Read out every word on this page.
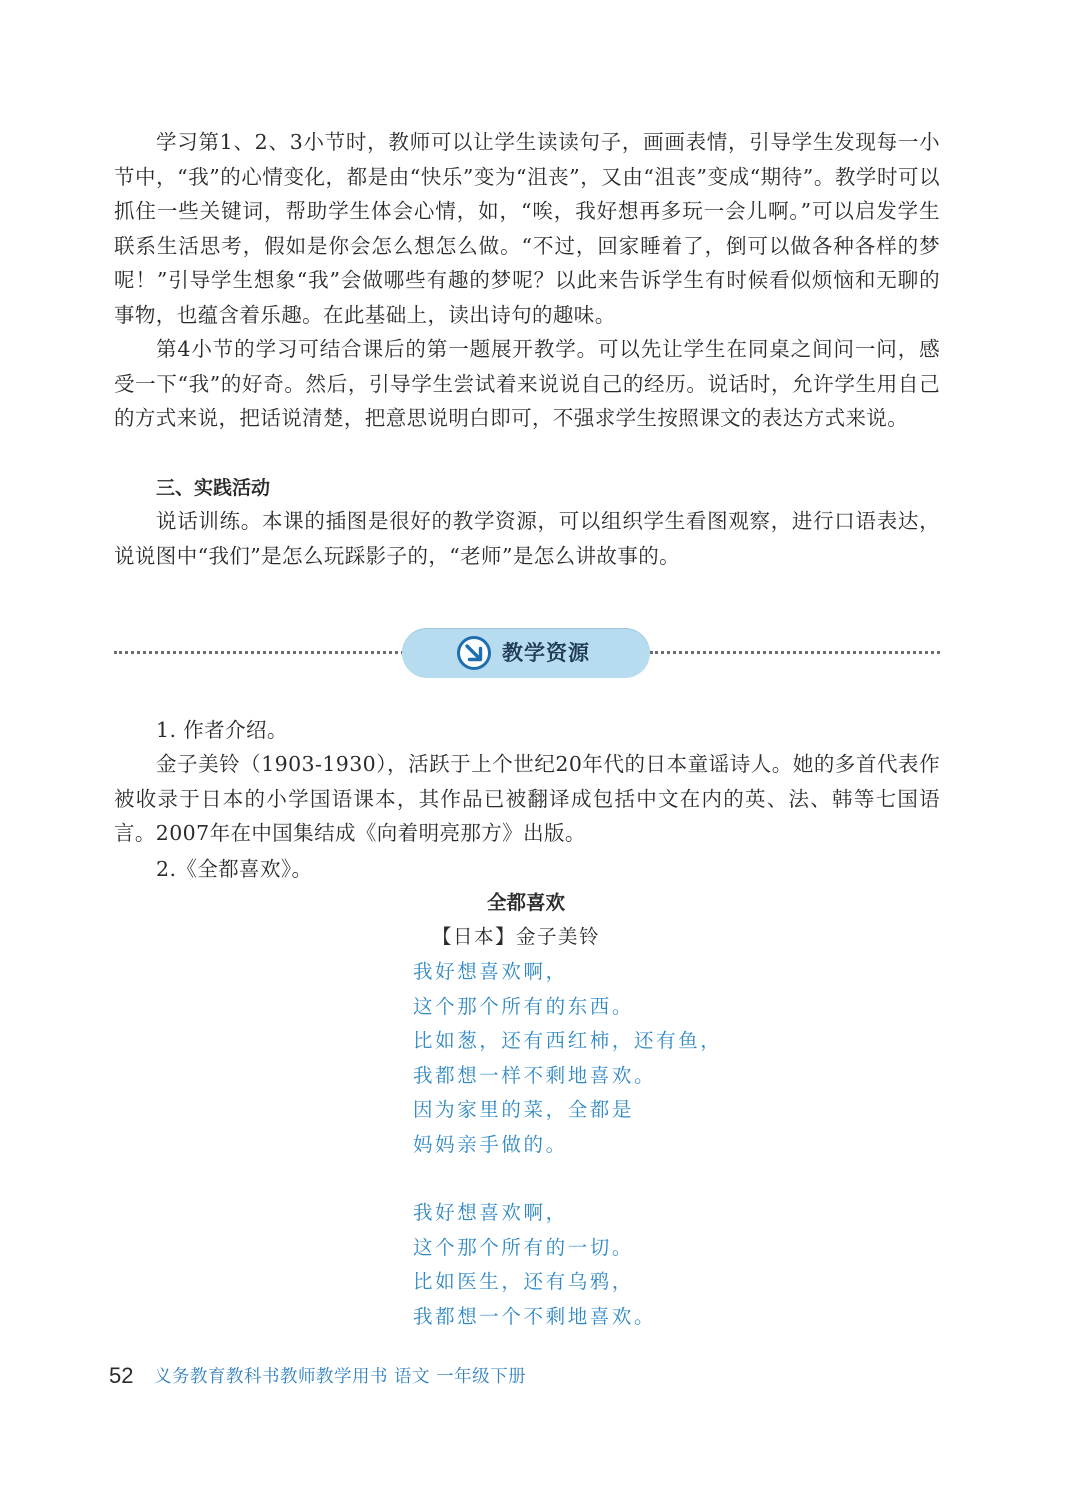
学习第1、2、3小节时，教师可以让学生读读句子，画画表情，引导学生发现每一小节中，“我”的心情变化，都是由“快乐”变为“沮丧”，又由“沮丧”变成“期待”。教学时可以抓住一些关键词，帮助学生体会心情，如，“唉，我好想再多玩一会儿啊。”可以启发学生联系生活思考，假如是你会怎么想怎么做。“不过，回家睡着了，倒可以做各种各样的梦呢！”引导学生想象“我”会做哪些有趣的梦呢？以此来告诉学生有时候看似烦恼和无聊的事物，也蕴含着乐趣。在此基础上，读出诗句的趣味。

第4小节的学习可结合课后的第一题展开教学。可以先让学生在同桌之间问一问，感受一下“我”的好奇。然后，引导学生尝试着来说说自己的经历。说话时，允许学生用自己的方式来说，把话说清楚，把意思说明白即可，不强求学生按照课文的表达方式来说。

三、实践活动

说话训练。本课的插图是很好的教学资源，可以组织学生看图观察，进行口语表达，说说图中“我们”是怎么玩踩影子的，“老师”是怎么讲故事的。

教学资源

1. 作者介绍。

金子美铃（1903-1930），活跃于上个世纪20年代的日本童谣诗人。她的多首代表作被收录于日本的小学国语课本，其作品已被翻译成包括中文在内的英、法、韩等七国语言。2007年在中国集结成《向着明亮那方》出版。

2.《全都喜欢》。

全都喜欢

【日本】金子美铃

我好想喜欢啊，
这个那个所有的东西。
比如葱，还有西红柿，还有鱼，
我都想一样不剩地喜欢。
因为家里的菜，全都是
妈妈亲手做的。
我好想喜欢啊，
这个那个所有的一切。
比如医生，还有乌鸦，
我都想一个不剩地喜欢。
52 义务教育教科书教师教学用书 语文 一年级下册
